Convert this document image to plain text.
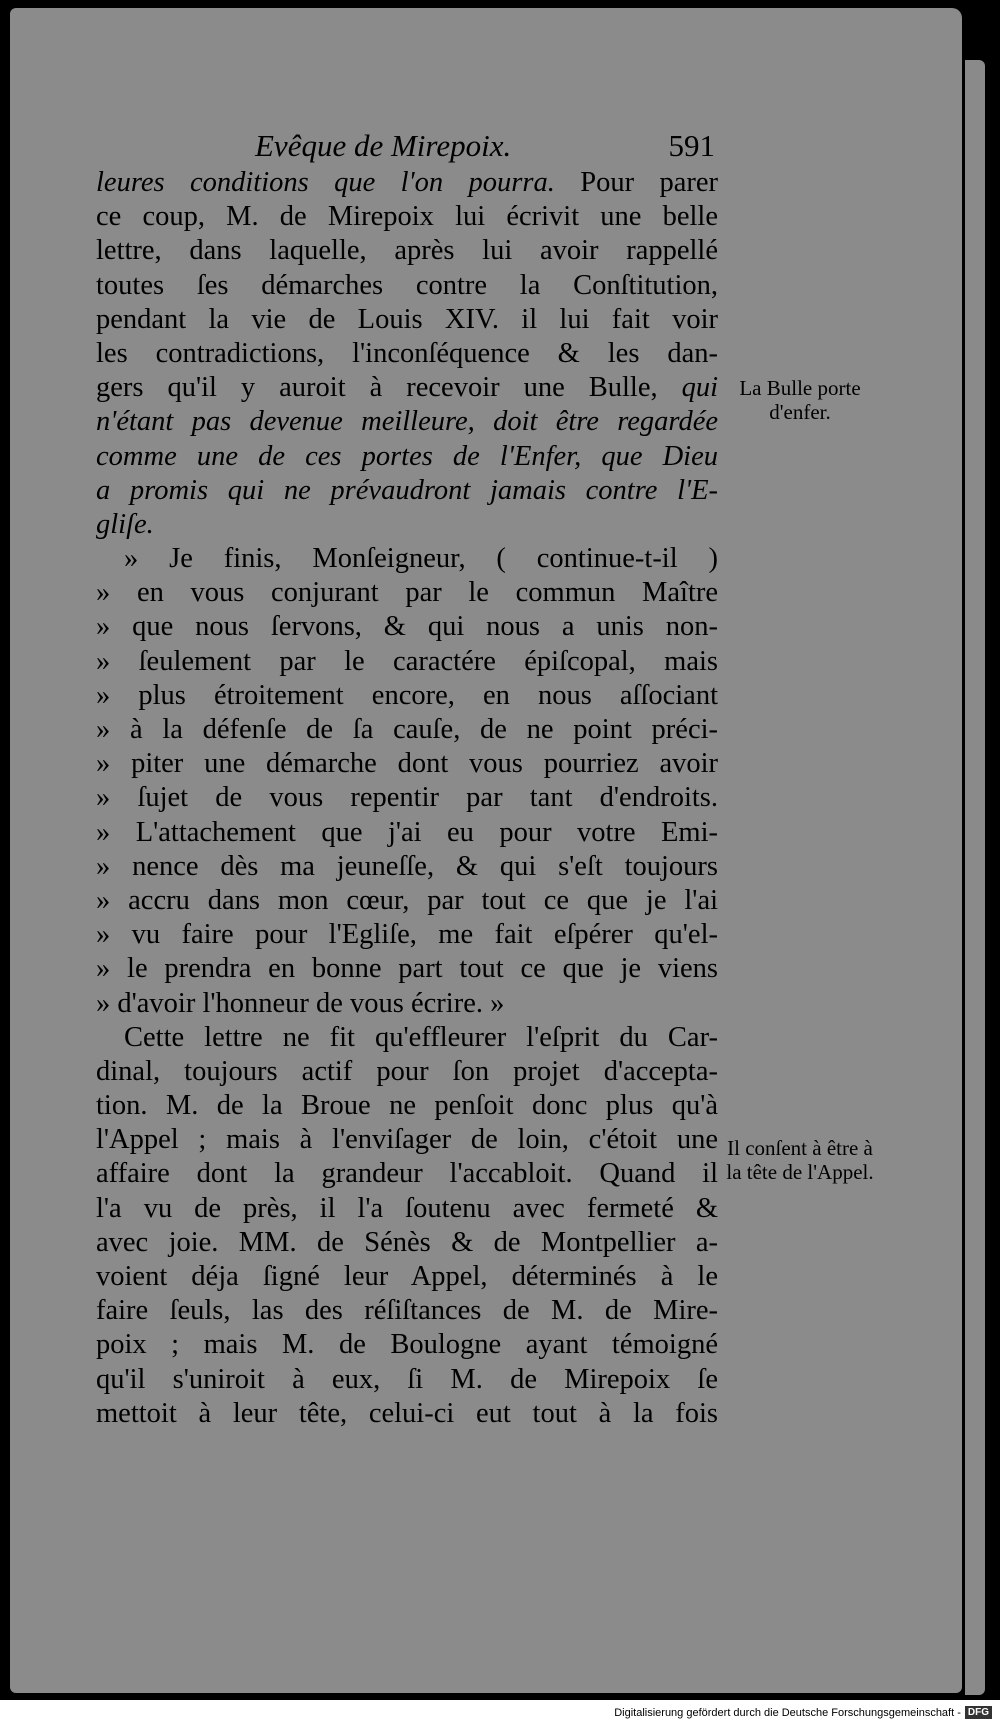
Evêque de Mirepoix.	591
leures conditions que l'on pourra. Pour parer
ce coup, M. de Mirepoix lui écrivit une belle
lettre, dans laquelle, après lui avoir rappellé
toutes ſes démarches contre la Conſtitution,
pendant la vie de Louis XIV. il lui fait voir
les contradictions, l'inconſéquence & les dan-
gers qu'il y auroit à recevoir une Bulle, qui
n'étant pas devenue meilleure, doit être regardée
comme une de ces portes de l'Enfer, que Dieu
a promis qui ne prévaudront jamais contre l'E-
gliſe.
» Je finis, Monſeigneur, ( continue-t-il )
» en vous conjurant par le commun Maître
» que nous ſervons, & qui nous a unis non-
» ſeulement par le caractére épiſcopal, mais
» plus étroitement encore, en nous aſſociant
» à la défenſe de ſa cauſe, de ne point préci-
» piter une démarche dont vous pourriez avoir
» ſujet de vous repentir par tant d'endroits.
» L'attachement que j'ai eu pour votre Emi-
» nence dès ma jeuneſſe, & qui s'eſt toujours
» accru dans mon cœur, par tout ce que je l'ai
» vu faire pour l'Egliſe, me fait eſpérer qu'el-
» le prendra en bonne part tout ce que je viens
» d'avoir l'honneur de vous écrire. »
Cette lettre ne fit qu'effleurer l'eſprit du Car-
dinal, toujours actif pour ſon projet d'accepta-
tion. M. de la Broue ne penſoit donc plus qu'à
l'Appel ; mais à l'enviſager de loin, c'étoit une
affaire dont la grandeur l'accabloit. Quand il
l'a vu de près, il l'a ſoutenu avec fermeté &
avec joie. MM. de Sénès & de Montpellier a-
voient déja ſigné leur Appel, déterminés à le
faire ſeuls, las des réſiſtances de M. de Mire-
poix ; mais M. de Boulogne ayant témoigné
qu'il s'uniroit à eux, ſi M. de Mirepoix ſe
mettoit à leur tête, celui-ci eut tout à la fois
La Bulle porte d'enfer.
Il conſent à être à la tête de l'Appel.
Digitalisierung gefördert durch die Deutsche Forschungsgemeinschaft - DFG
